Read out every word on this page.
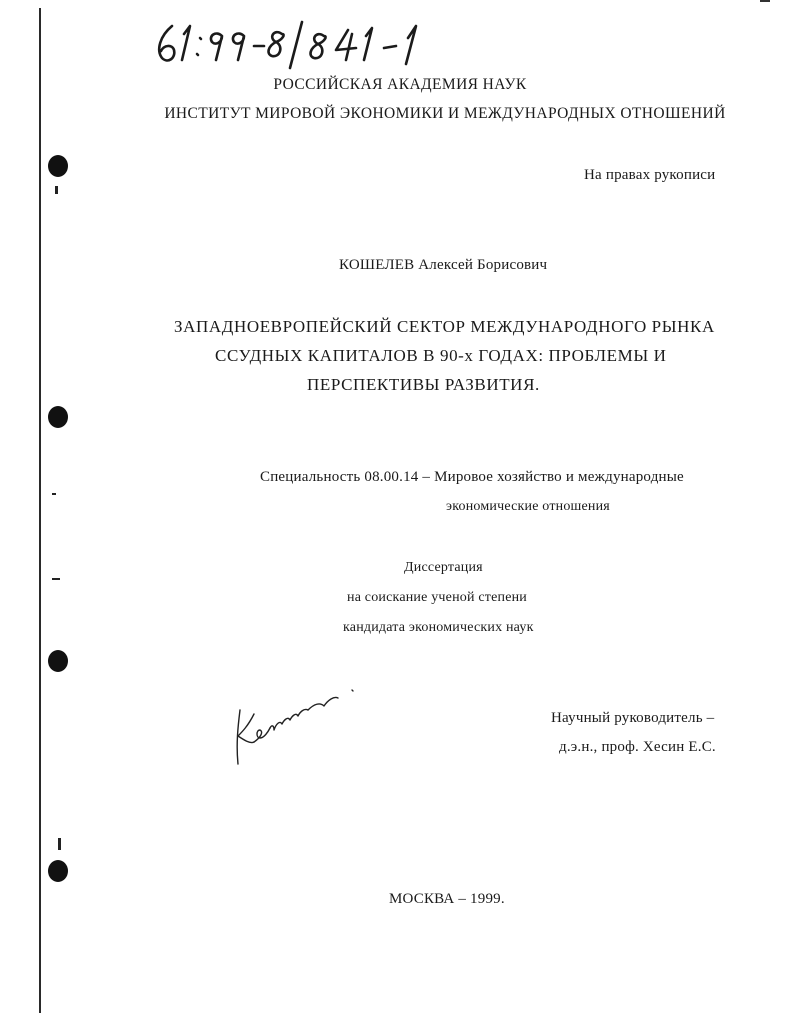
РОССИЙСКАЯ АКАДЕМИЯ НАУК
ИНСТИТУТ МИРОВОЙ ЭКОНОМИКИ И МЕЖДУНАРОДНЫХ ОТНОШЕНИЙ
На правах рукописи
КОШЕЛЕВ Алексей Борисович
ЗАПАДНОЕВРОПЕЙСКИЙ СЕКТОР МЕЖДУНАРОДНОГО РЫНКА
ССУДНЫХ КАПИТАЛОВ В 90-х ГОДАХ: ПРОБЛЕМЫ И
ПЕРСПЕКТИВЫ РАЗВИТИЯ.
Специальность 08.00.14 – Мировое хозяйство и международные
экономические отношения
Диссертация
на соискание ученой степени
кандидата экономических наук
Научный руководитель –
д.э.н., проф. Хесин Е.С.
МОСКВА – 1999.
